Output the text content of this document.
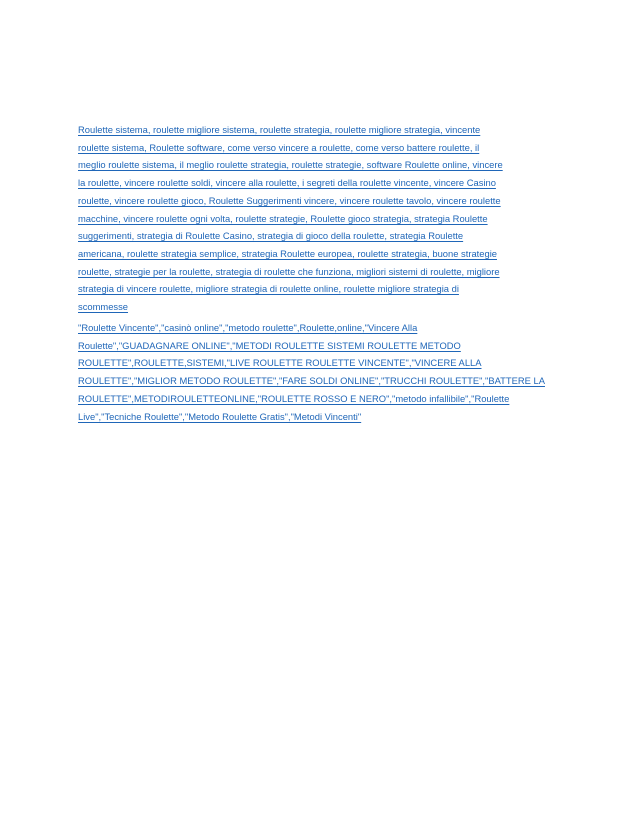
Roulette sistema, roulette migliore sistema, roulette strategia, roulette migliore strategia, vincente
roulette sistema, Roulette software, come verso vincere a roulette, come verso battere roulette, il
meglio roulette sistema, il meglio roulette strategia, roulette strategie, software Roulette online, vincere
la roulette, vincere roulette soldi, vincere alla roulette, i segreti della roulette vincente, vincere Casino
roulette, vincere roulette gioco, Roulette Suggerimenti vincere, vincere roulette tavolo, vincere roulette
macchine, vincere roulette ogni volta, roulette strategie, Roulette gioco strategia, strategia Roulette
suggerimenti, strategia di Roulette Casino, strategia di gioco della roulette, strategia Roulette
americana, roulette strategia semplice, strategia Roulette europea, roulette strategia, buone strategie
roulette, strategie per la roulette, strategia di roulette che funziona, migliori sistemi di roulette, migliore
strategia di vincere roulette, migliore strategia di roulette online, roulette migliore strategia di
scommesse

"Roulette Vincente","casinò online","metodo roulette",Roulette,online,"Vincere Alla
Roulette","GUADAGNARE ONLINE","METODI ROULETTE SISTEMI ROULETTE METODO
ROULETTE",ROULETTE,SISTEMI,"LIVE ROULETTE ROULETTE VINCENTE","VINCERE ALLA
ROULETTE","MIGLIOR METODO ROULETTE","FARE SOLDI ONLINE","TRUCCHI ROULETTE","BATTERE LA
ROULETTE",METODIROULETTEONLINE,"ROULETTE ROSSO E NERO","metodo infallibile","Roulette
Live","Tecniche Roulette","Metodo Roulette Gratis","Metodi Vincenti"
